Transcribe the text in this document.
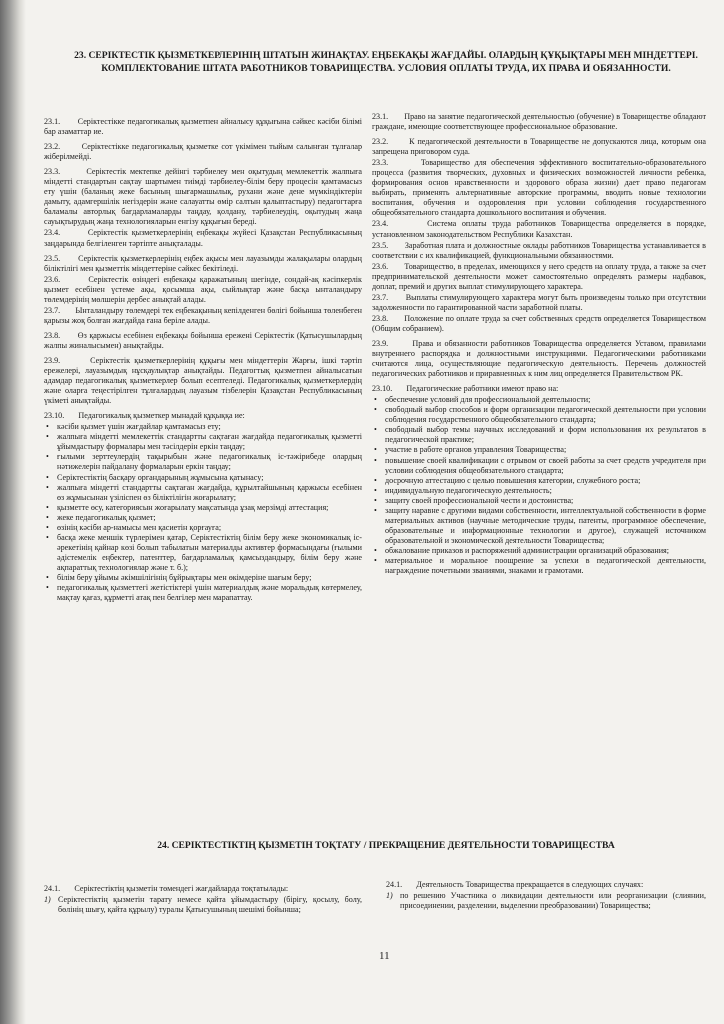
23. СЕРІКТЕСТІК ҚЫЗМЕТКЕРЛЕРІНІҢ ШТАТЫН ЖИНАҚТАУ. ЕҢБЕКАҚЫ ЖАҒДАЙЫ. ОЛАРДЫҢ ҚҰҚЫҚТАРЫ МЕН МІНДЕТТЕРІ. КОМПЛЕКТОВАНИЕ ШТАТА РАБОТНИКОВ ТОВАРИЩЕСТВА. УСЛОВИЯ ОПЛАТЫ ТРУДА, ИХ ПРАВА И ОБЯЗАННОСТИ.

23.1.       Серіктестікке педагогикалық қызметпен айналысу құқығына сәйкес кәсіби білімі бар азаматтар ие.

23.2.       Серіктестікке педагогикалық қызметке сот үкімімен тыйым салынған тұлғалар жіберілмейді.

23.3.       Серіктестік мектепке дейінгі тәрбиелеу мен оқытудың мемлекеттік жалпыға міндетті стандартын сақтау шартымен тиімді тәрбиелеу-білім беру процесін қамтамасыз ету үшін (баланың жеке басының шығармашылық, рухани және дене мүмкіндіктерін дамыту, адамгершілік негіздерін және салауатты өмір салтын қалыптастыру) педагогтарға баламалы авторлық бағдарламаларды таңдау, қолдану, тәрбиелеудің, оқытудың жаңа сауықтырудың жаңа технологияларын енгізу құқығын береді.

23.4.       Серіктестік қызметкерлерінің еңбекақы жүйесі Қазақстан Республикасының заңдарында белгіленген тәртіпте анықталады.

23.5.       Серіктестік қызметкерлерінің еңбек ақысы мен лауазымды жалақылары олардың біліктілігі мен қызметтік міндеттеріне сәйкес бекітіледі.

23.6.       Серіктестік өзіндегі еңбекақы қаражатының шегінде, сондай-ақ кәсіпкерлік қызмет есебінен үстеме ақы, қосымша ақы, сыйлықтар және басқа ынталандыру төлемдерінің мөлшерін дербес анықтай алады.

23.7.       Ынталандыру төлемдері тек еңбекақының кепілденген бөлігі бойынша төленбеген қарызы жоқ болған жағдайда ғана беріле алады.

23.8.       Өз қаржысы есебінен еңбекақы бойынша ережені Серіктестік (Қатысушылардың жалпы жиналысымен) анықтайды.

23.9.       Серіктестік қызметкерлерінің құқығы мен міндеттерін Жарғы, ішкі тәртіп ережелері, лауазымдық нұсқаулықтар анықтайды. Педагогтық қызметпен айналысатын адамдар педагогикалық қызметкерлер болып есептеледі. Педагогикалық қызметкерлердің және оларға теңестірілген тұлғалардың лауазым тізбелерін Қазақстан Республикасының үкіметі анықтайды.

23.10.       Педагогикалық қызметкер мынадай құқыққа ие:

• кәсіби қызмет үшін жағдайлар қамтамасыз ету;
• жалпыға міндетті мемлекеттік стандартты сақтаған жағдайда педагогикалық қызметті ұйымдастыру формалары мен тәсілдерін еркін таңдау;
• ғылыми зерттеулердің тақырыбын және педагогикалық іс-тәжірибеде олардың нәтижелерін пайдалану формаларын еркін таңдау;
• Серіктестіктің басқару органдарының жұмысына қатынасу;
• жалпыға міндетті стандартты сақтаған жағдайда, құрылтайшының қаржысы есебінен өз жұмысынан үзіліспен өз біліктілігін жоғарылату;
• қызметте өсу, категориясын жоғарылату мақсатында ұзақ мерзімді аттестация;
• жеке педагогикалық қызмет;
• өзінің кәсіби ар-намысы мен қасиетін қорғауға;
• басқа жеке меншік түрлерімен қатар, Серіктестіктің білім беру жеке экономикалық іс-әрекетінің қайнар көзі болып табылатын материалды активтер формасындағы (ғылыми әдістемелік еңбектер, патенттер, бағдарламалық қамсыздандыру, білім беру және ақпараттық технологиялар және т. б.);
• білім беру ұйымы әкімшілігінің бұйрықтары мен өкімдеріне шағым беру;
• педагогикалық қызметтегі жетістіктері үшін материалдық және моральдық көтермелеу, мақтау қағаз, құрметті атақ пен белгілер мен марапаттау.

23.1.       Право на занятие педагогической деятельностью (обучение) в Товариществе обладают граждане, имеющие соответствующее профессиональное образование.

23.2.       К педагогической деятельности в Товариществе не допускаются лица, которым она запрещена приговором суда.

23.3.       Товарищество для обеспечения эффективного воспитательно-образовательного процесса (развития творческих, духовных и физических возможностей личности ребенка, формирования основ нравственности и здорового образа жизни) дает право педагогам выбирать, применять альтернативные авторские программы, вводить новые технологии воспитания, обучения и оздоровления при условии соблюдения государственного общеобязательного стандарта дошкольного воспитания и обучения.

23.4.       Система оплаты труда работников Товарищества определяется в порядке, установленном законодательством Республики Казахстан.

23.5.       Заработная плата и должностные оклады работников Товарищества устанавливается в соответствии с их квалификацией, функциональными обязанностями.

23.6.       Товарищество, в пределах, имеющихся у него средств на оплату труда, а также за счет предпринимательской деятельности может самостоятельно определять размеры надбавок, доплат, премий и других выплат стимулирующего характера.

23.7.       Выплаты стимулирующего характера могут быть произведены только при отсутствии задолженности по гарантированной части заработной платы.

23.8.       Положение по оплате труда за счет собственных средств определяется Товариществом (Общим собранием).

23.9.       Права и обязанности работников Товарищества определяется Уставом, правилами внутреннего распорядка и должностными инструкциями. Педагогическими работниками считаются лица, осуществляющие педагогическую деятельность. Перечень должностей педагогических работников и приравненных к ним лиц определяется Правительством РК.

23.10.       Педагогические работники имеют право на:

• обеспечение условий для профессиональной деятельности;
• свободный выбор способов и форм организации педагогической деятельности при условии соблюдения государственного общеобязательного стандарта;
• свободный выбор темы научных исследований и форм использования их результатов в педагогической практике;
• участие в работе органов управления Товарищества;
• повышение своей квалификации с отрывом от своей работы за счет средств учредителя при условии соблюдения общеобязательного стандарта;
• досрочную аттестацию с целью повышения категории, служебного роста;
• индивидуальную педагогическую деятельность;
• защиту своей профессиональной чести и достоинства;
• защиту наравне с другими видами собственности, интеллектуальной собственности в форме материальных активов (научные методические труды, патенты, программное обеспечение, образовательные и информационные технологии и другое), служащей источником образовательной и экономической деятельности Товарищества;
• обжалование приказов и распоряжений администрации организаций образования;
• материальное и моральное поощрение за успехи в педагогической деятельности, награждение почетными званиями, знаками и грамотами.
24. СЕРІКТЕСТІКТІҢ ҚЫЗМЕТІН ТОҚТАТУ / ПРЕКРАЩЕНИЕ ДЕЯТЕЛЬНОСТИ ТОВАРИЩЕСТВА

24.1.       Серіктестіктің қызметін төмендегі жағдайларда тоқтатылады:

1) Серіктестіктің қызметін тарату немесе қайта ұйымдастыру (бірігу, қосылу, болу, бөлінің шығу, қайта құрылу) туралы Қатысушының шешімі бойынша;

24.1.       Деятельность Товарищества прекращается в следующих случаях:

1) по решению Участника о ликвидации деятельности или реорганизации (слиянии, присоединении, разделении, выделении преобразовании) Товарищества;
11
